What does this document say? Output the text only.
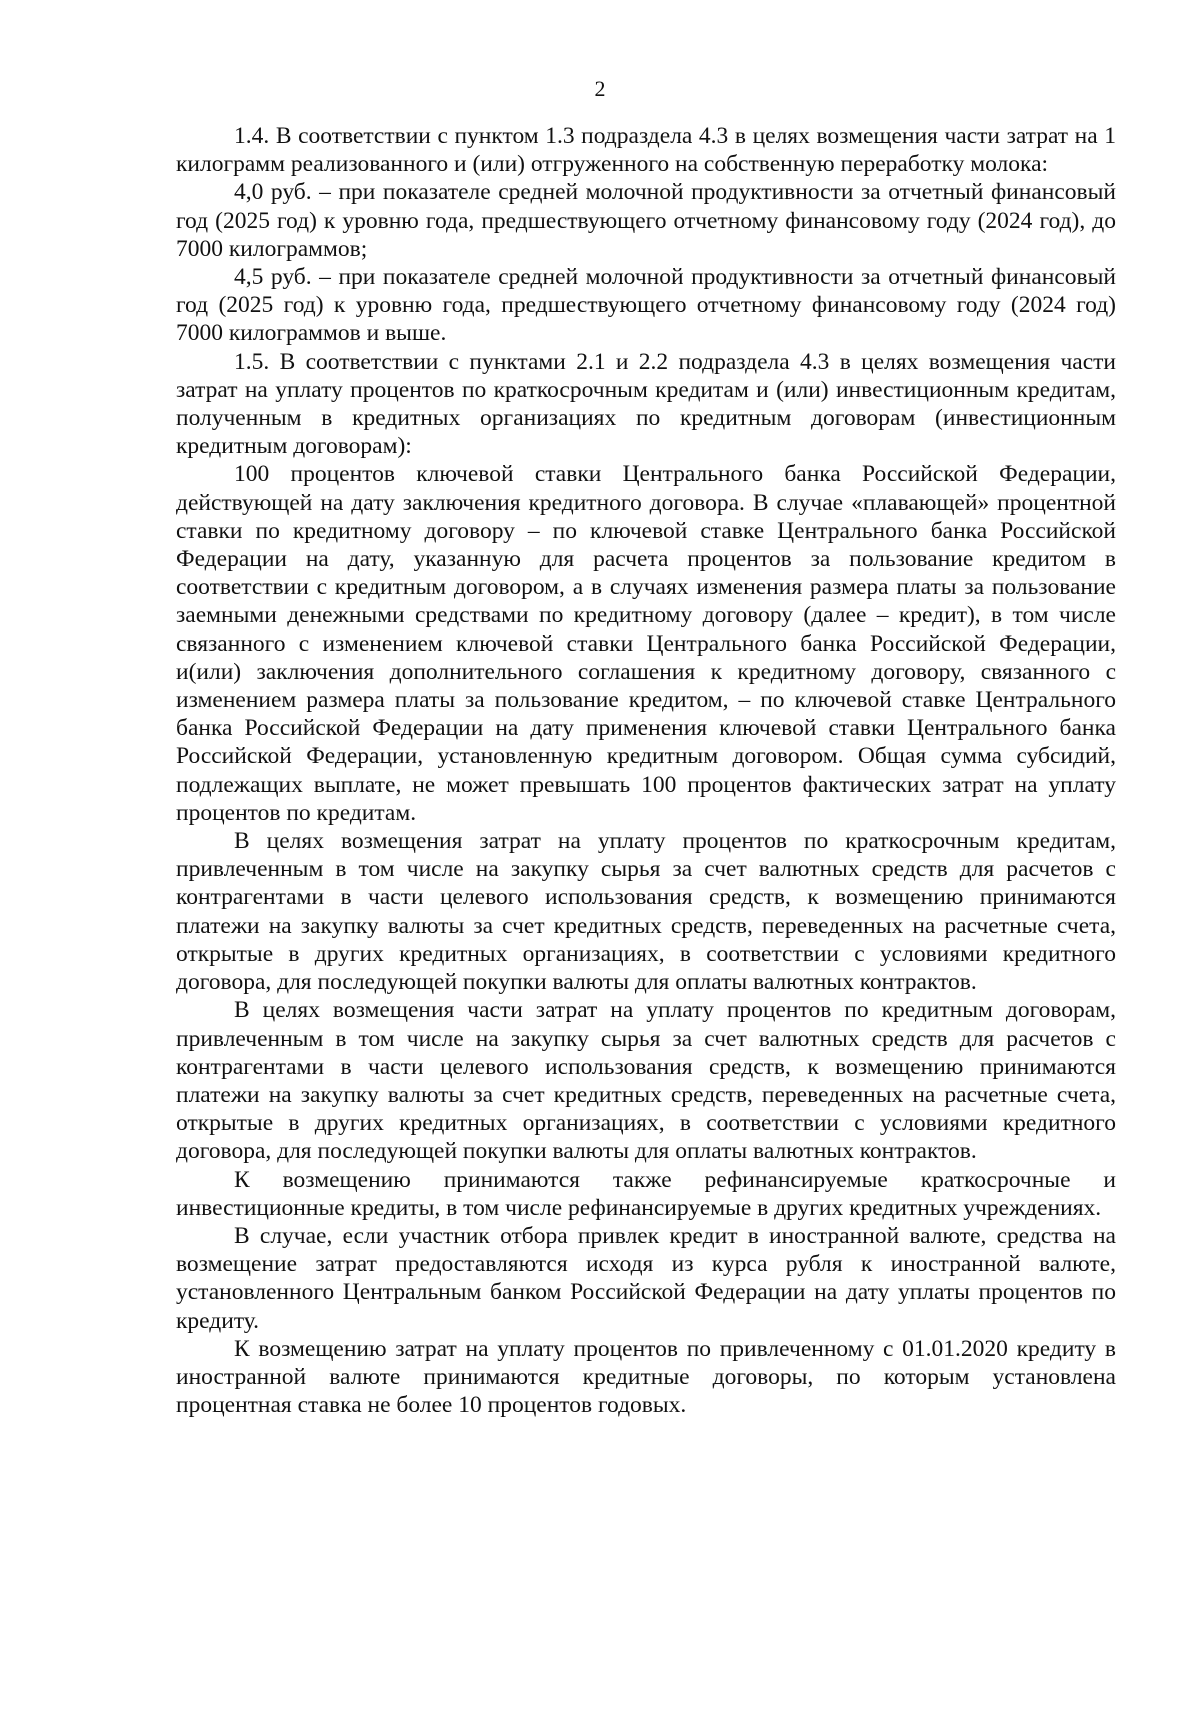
2

1.4. В соответствии с пунктом 1.3 подраздела 4.3 в целях возмещения части затрат на 1 килограмм реализованного и (или) отгруженного на собственную переработку молока:

4,0 руб. – при показателе средней молочной продуктивности за отчетный финансовый год (2025 год) к уровню года, предшествующего отчетному финансовому году (2024 год), до 7000 килограммов;

4,5 руб. – при показателе средней молочной продуктивности за отчетный финансовый год (2025 год) к уровню года, предшествующего отчетному финансовому году (2024 год) 7000 килограммов и выше.

1.5. В соответствии с пунктами 2.1 и 2.2 подраздела 4.3 в целях возмещения части затрат на уплату процентов по краткосрочным кредитам и (или) инвестиционным кредитам, полученным в кредитных организациях по кредитным договорам (инвестиционным кредитным договорам):

100 процентов ключевой ставки Центрального банка Российской Федерации, действующей на дату заключения кредитного договора. В случае «плавающей» процентной ставки по кредитному договору – по ключевой ставке Центрального банка Российской Федерации на дату, указанную для расчета процентов за пользование кредитом в соответствии с кредитным договором, а в случаях изменения размера платы за пользование заемными денежными средствами по кредитному договору (далее – кредит), в том числе связанного с изменением ключевой ставки Центрального банка Российской Федерации, и(или) заключения дополнительного соглашения к кредитному договору, связанного с изменением размера платы за пользование кредитом, – по ключевой ставке Центрального банка Российской Федерации на дату применения ключевой ставки Центрального банка Российской Федерации, установленную кредитным договором. Общая сумма субсидий, подлежащих выплате, не может превышать 100 процентов фактических затрат на уплату процентов по кредитам.

В целях возмещения затрат на уплату процентов по краткосрочным кредитам, привлеченным в том числе на закупку сырья за счет валютных средств для расчетов с контрагентами в части целевого использования средств, к возмещению принимаются платежи на закупку валюты за счет кредитных средств, переведенных на расчетные счета, открытые в других кредитных организациях, в соответствии с условиями кредитного договора, для последующей покупки валюты для оплаты валютных контрактов.

В целях возмещения части затрат на уплату процентов по кредитным договорам, привлеченным в том числе на закупку сырья за счет валютных средств для расчетов с контрагентами в части целевого использования средств, к возмещению принимаются платежи на закупку валюты за счет кредитных средств, переведенных на расчетные счета, открытые в других кредитных организациях, в соответствии с условиями кредитного договора, для последующей покупки валюты для оплаты валютных контрактов.

К возмещению принимаются также рефинансируемые краткосрочные и инвестиционные кредиты, в том числе рефинансируемые в других кредитных учреждениях.

В случае, если участник отбора привлек кредит в иностранной валюте, средства на возмещение затрат предоставляются исходя из курса рубля к иностранной валюте, установленного Центральным банком Российской Федерации на дату уплаты процентов по кредиту.

К возмещению затрат на уплату процентов по привлеченному с 01.01.2020 кредиту в иностранной валюте принимаются кредитные договоры, по которым установлена процентная ставка не более 10 процентов годовых.
